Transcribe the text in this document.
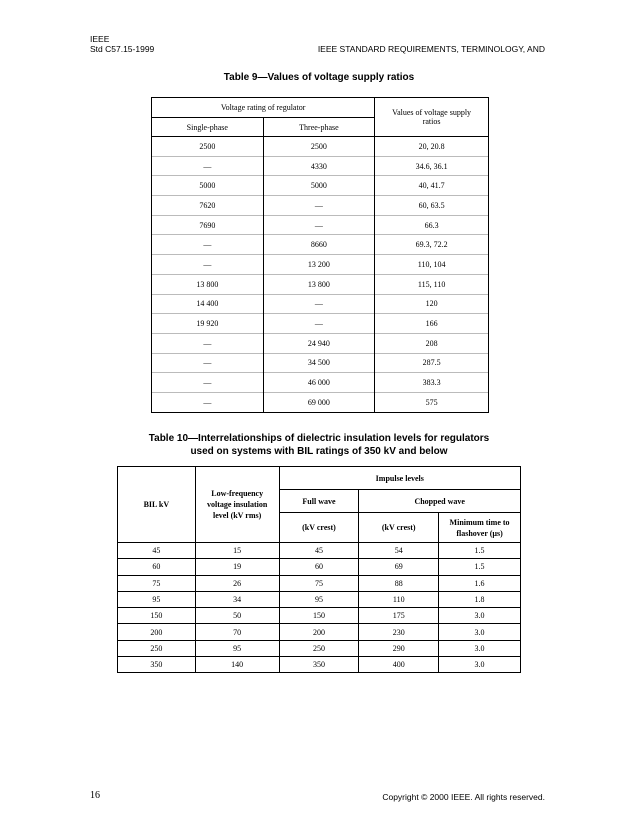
IEEE
Std C57.15-1999	IEEE STANDARD REQUIREMENTS, TERMINOLOGY, AND
Table 9—Values of voltage supply ratios
Voltage rating of regulator		Values of voltage supply ratios
Single-phase	Three-phase	
2500	2500	20, 20.8
—	4330	34.6, 36.1
5000	5000	40, 41.7
7620	—	60, 63.5
7690	—	66.3
—	8660	69.3, 72.2
—	13 200	110, 104
13 800	13 800	115, 110
14 400	—	120
19 920	—	166
—	24 940	208
—	34 500	287.5
—	46 000	383.3
—	69 000	575
Table 10—Interrelationships of dielectric insulation levels for regulators
used on systems with BIL ratings of 350 kV and below
BIL kV	Low-frequency voltage insulation level (kV rms)	Impulse levels		
		Full wave	Chopped wave	
		(kV crest)	(kV crest)	Minimum time to flashover (µs)
45	15	45	54	1.5
60	19	60	69	1.5
75	26	75	88	1.6
95	34	95	110	1.8
150	50	150	175	3.0
200	70	200	230	3.0
250	95	250	290	3.0
350	140	350	400	3.0
16	Copyright © 2000 IEEE. All rights reserved.
